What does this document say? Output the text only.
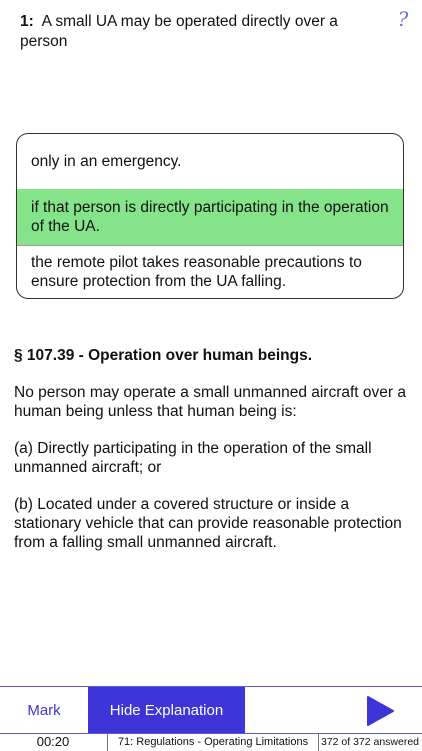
1: A small UA may be operated directly over a person
?
only in an emergency.
if that person is directly participating in the operation of the UA.
the remote pilot takes reasonable precautions to ensure protection from the UA falling.

§ 107.39 - Operation over human beings.

No person may operate a small unmanned aircraft over a human being unless that human being is:

(a) Directly participating in the operation of the small unmanned aircraft; or

(b) Located under a covered structure or inside a stationary vehicle that can provide reasonable protection from a falling small unmanned aircraft.

Mark	Hide Explanation
00:20	71: Regulations - Operating Limitations	372 of 372 answered
